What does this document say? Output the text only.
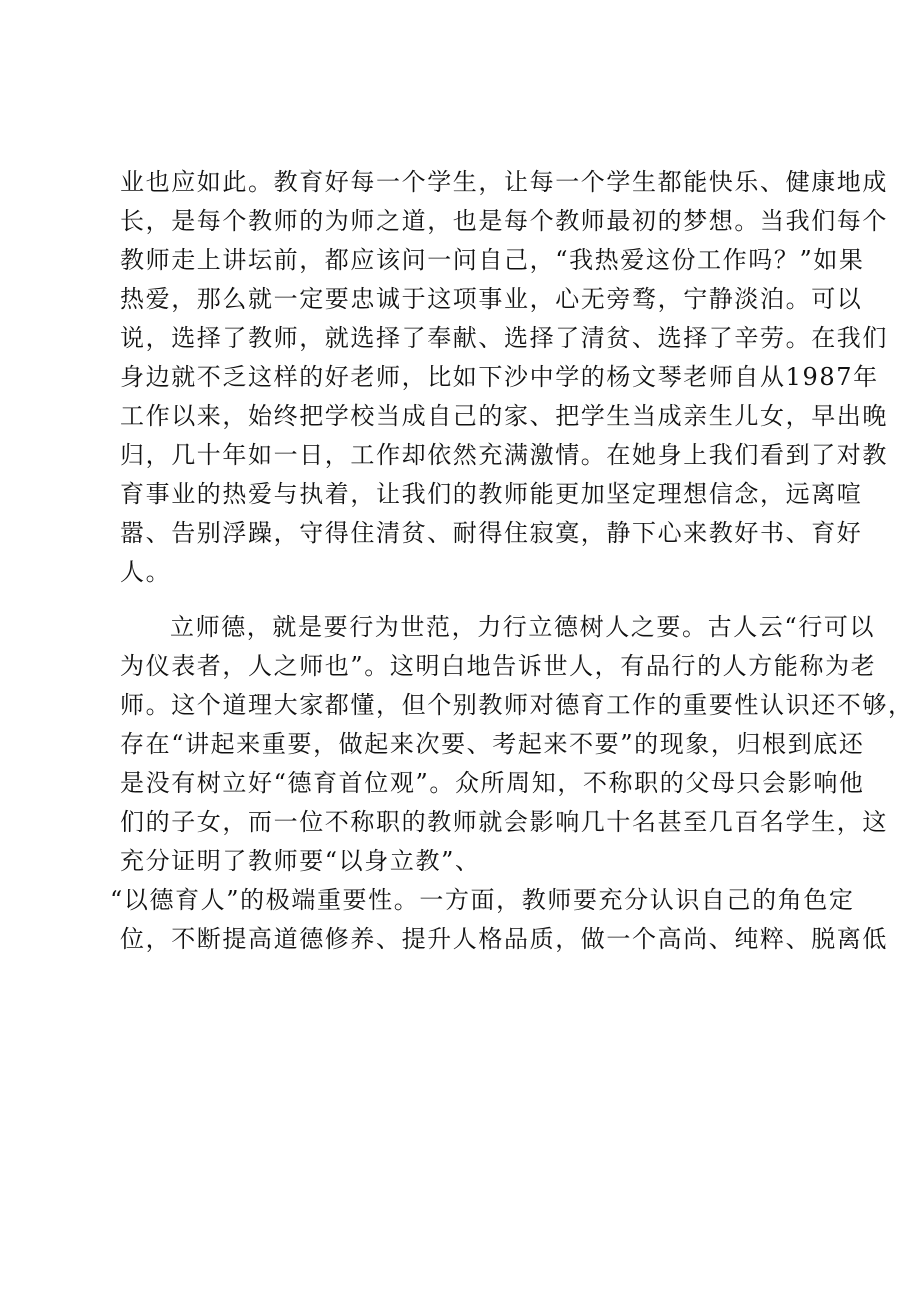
业也应如此。教育好每一个学生，让每一个学生都能快乐、健康地成
长，是每个教师的为师之道，也是每个教师最初的梦想。当我们每个
教师走上讲坛前，都应该问一问自己，“我热爱这份工作吗？”如果
热爱，那么就一定要忠诚于这项事业，心无旁骛，宁静淡泊。可以
说，选择了教师，就选择了奉献、选择了清贫、选择了辛劳。在我们
身边就不乏这样的好老师，比如下沙中学的杨文琴老师自从1987年
工作以来，始终把学校当成自己的家、把学生当成亲生儿女，早出晚
归，几十年如一日，工作却依然充满激情。在她身上我们看到了对教
育事业的热爱与执着，让我们的教师能更加坚定理想信念，远离喧
嚣、告别浮躁，守得住清贫、耐得住寂寞，静下心来教好书、育好
人。
立师德，就是要行为世范，力行立德树人之要。古人云“行可以
为仪表者，人之师也”。这明白地告诉世人，有品行的人方能称为老
师。这个道理大家都懂，但个别教师对德育工作的重要性认识还不够，
存在“讲起来重要，做起来次要、考起来不要”的现象，归根到底还
是没有树立好“德育首位观”。众所周知，不称职的父母只会影响他
们的子女，而一位不称职的教师就会影响几十名甚至几百名学生，这
充分证明了教师要“以身立教”、
“以德育人”的极端重要性。一方面，教师要充分认识自己的角色定
位，不断提高道德修养、提升人格品质，做一个高尚、纯粹、脱离低
